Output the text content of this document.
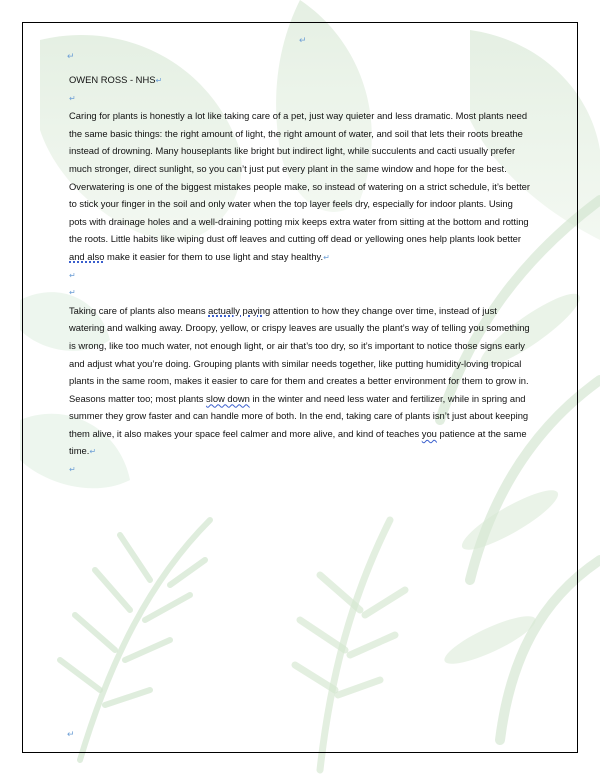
↵
↵

OWEN ROSS - NHS↵

↵

Caring for plants is honestly a lot like taking care of a pet, just way quieter and less dramatic. Most plants need the same basic things: the right amount of light, the right amount of water, and soil that lets their roots breathe instead of drowning. Many houseplants like bright but indirect light, while succulents and cacti usually prefer much stronger, direct sunlight, so you can’t just put every plant in the same window and hope for the best. Overwatering is one of the biggest mistakes people make, so instead of watering on a strict schedule, it’s better to stick your finger in the soil and only water when the top layer feels dry, especially for indoor plants. Using pots with drainage holes and a well-draining potting mix keeps extra water from sitting at the bottom and rotting the roots. Little habits like wiping dust off leaves and cutting off dead or yellowing ones help plants look better and also make it easier for them to use light and stay healthy.↵

↵
↵

Taking care of plants also means actually paying attention to how they change over time, instead of just watering and walking away. Droopy, yellow, or crispy leaves are usually the plant’s way of telling you something is wrong, like too much water, not enough light, or air that’s too dry, so it’s important to notice those signs early and adjust what you’re doing. Grouping plants with similar needs together, like putting humidity-loving tropical plants in the same room, makes it easier to care for them and creates a better environment for them to grow in. Seasons matter too; most plants slow down in the winter and need less water and fertilizer, while in spring and summer they grow faster and can handle more of both. In the end, taking care of plants isn’t just about keeping them alive, it also makes your space feel calmer and more alive, and kind of teaches you patience at the same time.↵

↵
↵
